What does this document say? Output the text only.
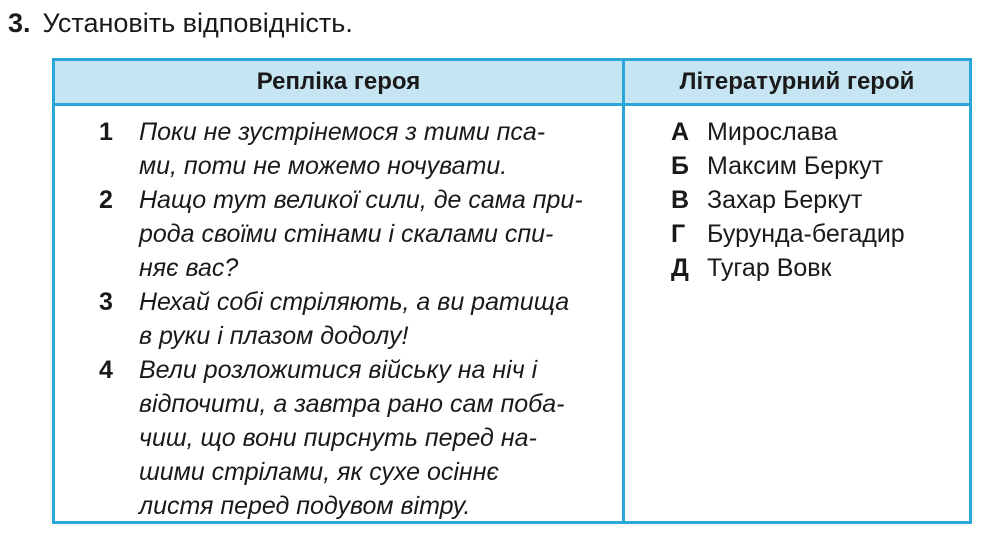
3. Установіть відповідність.
Репліка героя	Літературний герой
1 Поки не зустрінемося з тими пса-
ми, поти не можемо ночувати.
2 Нащо тут великої сили, де сама при-
рода своїми стінами і скалами спи-
няє вас?
3 Нехай собі стріляють, а ви ратища
в руки і плазом додолу!
4 Вели розложитися війську на ніч і
відпочити, а завтра рано сам поба-
чиш, що вони пирснуть перед на-
шими стрілами, як сухе осіннє
листя перед подувом вітру.
А Мирослава
Б Максим Беркут
В Захар Беркут
Г Бурунда-бегадир
Д Тугар Вовк
